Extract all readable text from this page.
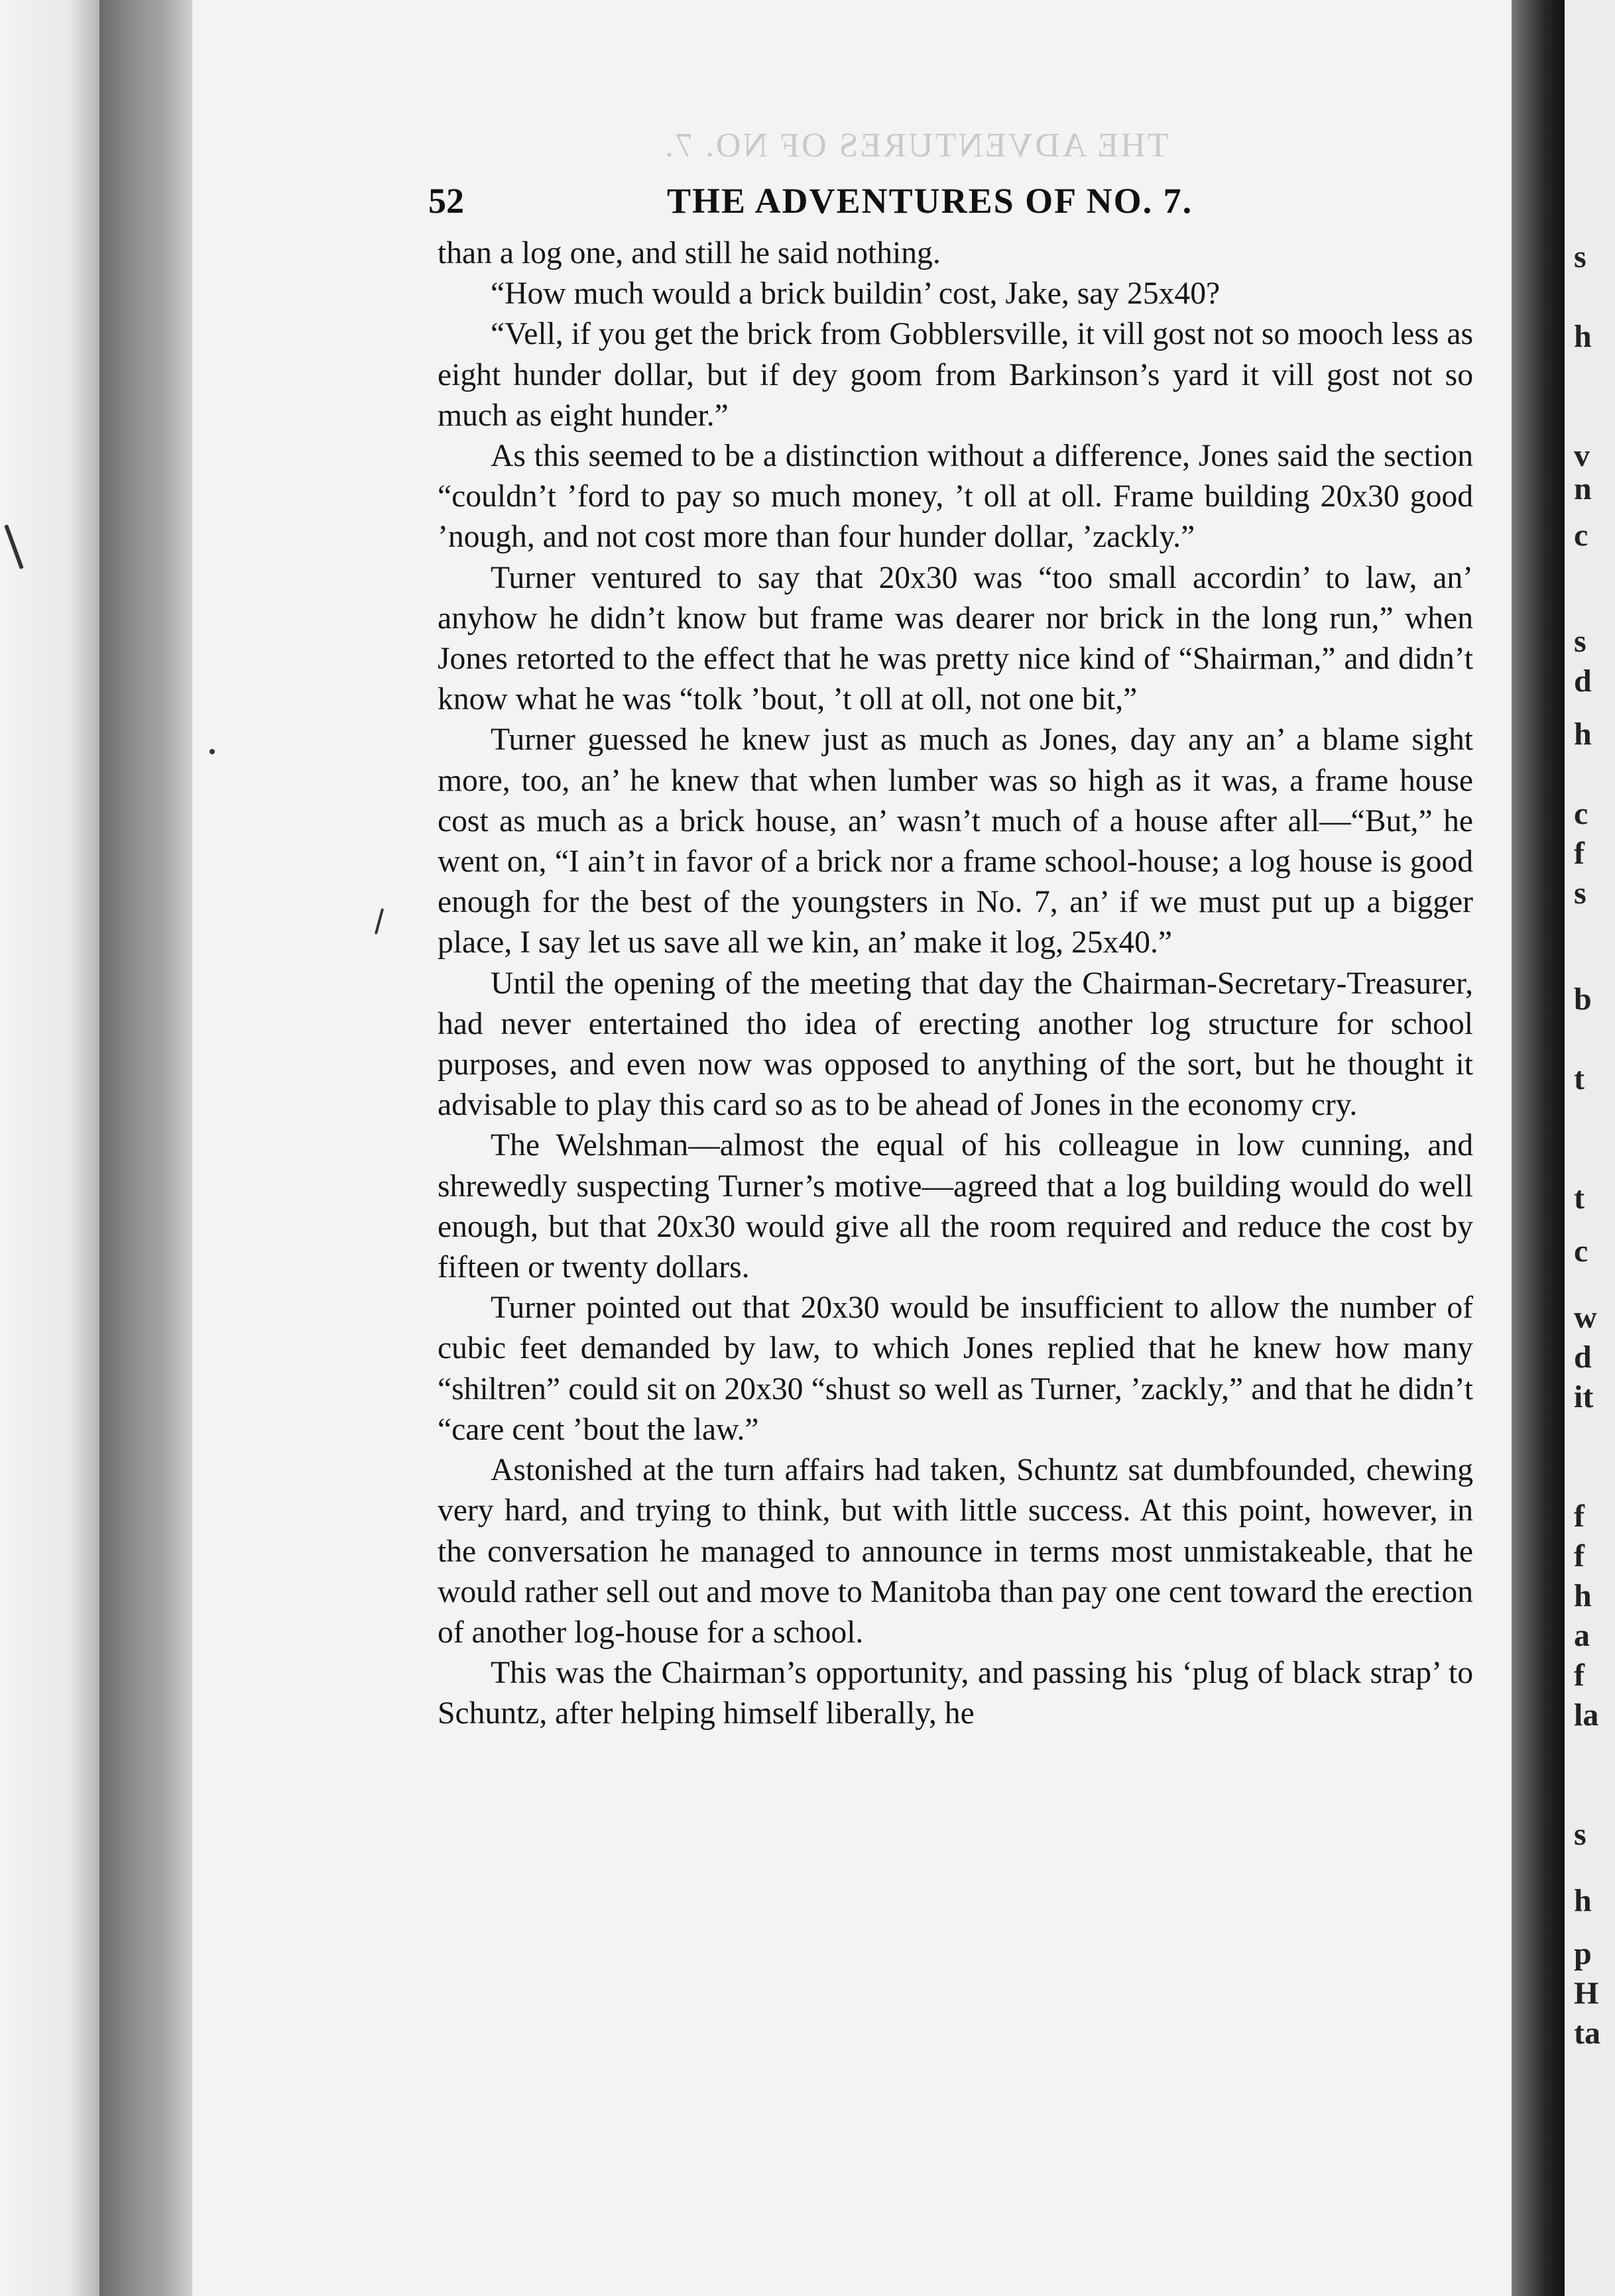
s
h
v
n
c
s
d
h
c
f
s
b
t
t
c
w
d
it
f
f
h
a
f
la
s
h
p
H
ta
THE ADVENTURES OF NO. 7.
52	THE ADVENTURES OF NO. 7.

than a log one, and still he said nothing.

“How much would a brick buildin’ cost, Jake, say 25x40?

“Vell, if you get the brick from Gobblersville, it vill gost not so mooch less as eight hunder dollar, but if dey goom from Barkinson’s yard it vill gost not so much as eight hunder.”

As this seemed to be a distinction without a difference, Jones said the section “couldn’t ’ford to pay so much money, ’t oll at oll. Frame building 20x30 good ’nough, and not cost more than four hunder dollar, ’zackly.”

Turner ventured to say that 20x30 was “too small accordin’ to law, an’ anyhow he didn’t know but frame was dearer nor brick in the long run,” when Jones retorted to the effect that he was pretty nice kind of “Shairman,” and didn’t know what he was “tolk ’bout, ’t oll at oll, not one bit,”

Turner guessed he knew just as much as Jones, day any an’ a blame sight more, too, an’ he knew that when lumber was so high as it was, a frame house cost as much as a brick house, an’ wasn’t much of a house after all—“But,” he went on, “I ain’t in favor of a brick nor a frame school-house; a log house is good enough for the best of the youngsters in No. 7, an’ if we must put up a bigger place, I say let us save all we kin, an’ make it log, 25x40.”

Until the opening of the meeting that day the Chairman-Secretary-Treasurer, had never entertained tho idea of erecting another log structure for school purposes, and even now was opposed to anything of the sort, but he thought it advisable to play this card so as to be ahead of Jones in the economy cry.

The Welshman—almost the equal of his colleague in low cunning, and shrewedly suspecting Turner’s motive—agreed that a log building would do well enough, but that 20x30 would give all the room required and reduce the cost by fifteen or twenty dollars.

Turner pointed out that 20x30 would be insufficient to allow the number of cubic feet demanded by law, to which Jones replied that he knew how many “shiltren” could sit on 20x30 “shust so well as Turner, ’zackly,” and that he didn’t “care cent ’bout the law.”

Astonished at the turn affairs had taken, Schuntz sat dumbfounded, chewing very hard, and trying to think, but with little success. At this point, however, in the conversation he managed to announce in terms most unmistakeable, that he would rather sell out and move to Manitoba than pay one cent toward the erection of another log-house for a school.

This was the Chairman’s opportunity, and passing his ‘plug of black strap’ to Schuntz, after helping himself liberally, he
